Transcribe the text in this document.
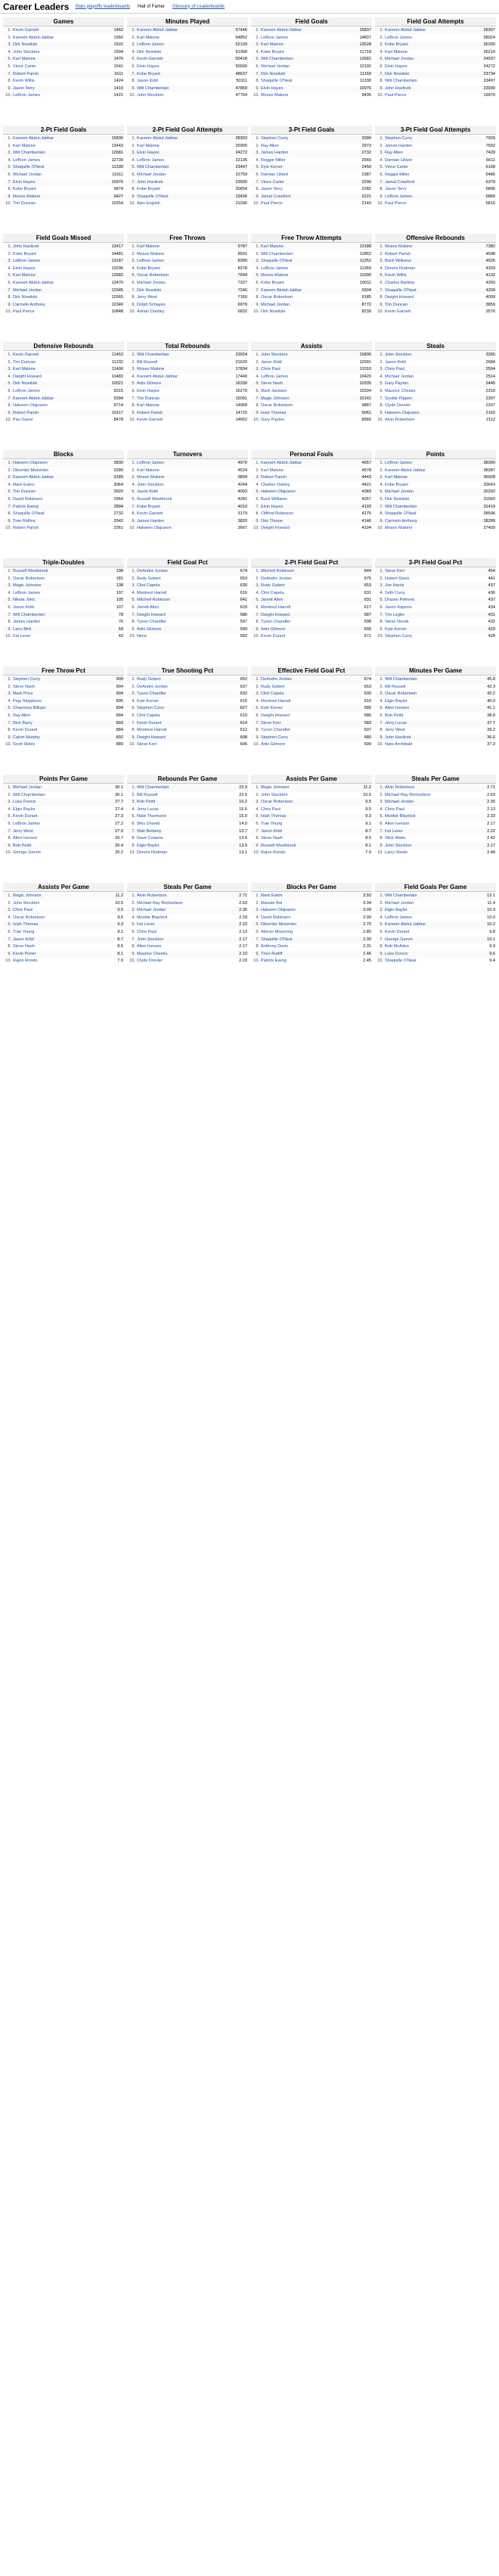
Career Leaders Stats playoffs leaderboards Hall of Famer Glossary of Leaderboards
Games
1.	Kevin Garnett	1462
2.	Kareem Abdul-Jabbar	1560
3.	Dirk Nowitzki	1522
4.	John Stockton	1504
5.	Karl Malone	1476
6.	Vince Carter	1541
7.	Robert Parish	1611
8.	Kevin Willis	1424
9.	Jason Terry	1410
10.	LeBron James	1421
Minutes Played
1.	Kareem Abdul-Jabbar	57446
2.	Karl Malone	54852
3.	LeBron James	52139
4.	Dirk Nowitzki	51368
5.	Kevin Garnett	50418
6.	Elvin Hayes	50000
7.	Kobe Bryant	48637
8.	Jason Kidd	50111
9.	Wilt Chamberlain	47859
10.	John Stockton	47764
Field Goals
1.	Kareem Abdul-Jabbar	15837
2.	LeBron James	14837
3.	Karl Malone	13528
4.	Kobe Bryant	11719
5.	Wilt Chamberlain	12681
6.	Michael Jordan	12192
7.	Dirk Nowitzki	11169
8.	Shaquille O'Neal	11330
9.	Elvin Hayes	10976
10.	Moses Malone	9435
Field Goal Attempts
1.	Kareem Abdul-Jabbar	28307
2.	LeBron James	28024
3.	Kobe Bryant	26200
4.	Karl Malone	26210
5.	Michael Jordan	24537
6.	Elvin Hayes	24272
7.	Dirk Nowitzki	23734
8.	Wilt Chamberlain	23497
9.	John Havlicek	23930
10.	Paul Pierce	19975
2-Pt Field Goals
1.	Kareem Abdul-Jabbar	15836
2.	Karl Malone	13443
3.	Wilt Chamberlain	12681
4.	LeBron James	12739
5.	Shaquille O'Neal	11330
6.	Michael Jordan	11611
7.	Elvin Hayes	10976
8.	Kobe Bryant	9874
9.	Moses Malone	9427
10.	Tim Duncan	10254
2-Pt Field Goal Attempts
1.	Kareem Abdul-Jabbar	28303
2.	Karl Malone	25900
3.	Elvin Hayes	24272
4.	LeBron James	22135
5.	Wilt Chamberlain	23497
6.	Michael Jordan	22759
7.	John Havlicek	23930
8.	Kobe Bryant	20654
9.	Shaquille O'Neal	19436
10.	Alex English	21036
3-Pt Field Goals
1.	Stephen Curry	3390
2.	Ray Allen	2973
3.	James Harden	2732
4.	Reggie Miller	2560
5.	Kyle Korver	2450
6.	Damian Lillard	2387
7.	Vince Carter	2290
8.	Jason Terry	2282
9.	Jamal Crawford	2221
10.	Paul Pierce	2143
3-Pt Field Goal Attempts
1.	Stephen Curry	7929
2.	James Harden	7592
3.	Ray Allen	7429
4.	Damian Lillard	6611
5.	Vince Carter	6168
6.	Reggie Miller	6486
7.	Jamal Crawford	6379
8.	Jason Terry	5896
9.	LeBron James	5889
10.	Paul Pierce	5816
Field Goals Missed
1.	John Havlicek	13417
2.	Kobe Bryant	14481
3.	LeBron James	13187
4.	Elvin Hayes	13296
5.	Karl Malone	12682
6.	Kareem Abdul-Jabbar	12470
7.	Michael Jordan	12345
8.	Dirk Nowitzki	12565
9.	Carmelo Anthony	12340
10.	Paul Pierce	10848
Free Throws
1.	Karl Malone	9787
2.	Moses Malone	8531
3.	LeBron James	8390
4.	Kobe Bryant	8378
5.	Oscar Robertson	7694
6.	Michael Jordan	7327
7.	Dirk Nowitzki	7240
8.	Jerry West	7160
9.	Dolph Schayes	6979
10.	Adrian Dantley	6832
Free Throw Attempts
1.	Karl Malone	13188
2.	Wilt Chamberlain	11862
3.	Shaquille O'Neal	11252
4.	LeBron James	11369
5.	Moses Malone	11090
6.	Kobe Bryant	10011
7.	Kareem Abdul-Jabbar	9304
8.	Oscar Robertson	9185
9.	Michael Jordan	8772
10.	Dirk Nowitzki	8239
Offensive Rebounds
1.	Moses Malone	7382
2.	Robert Parish	4598
3.	Buck Williams	4526
4.	Dennis Rodman	4329
5.	Kevin Willis	4132
6.	Charles Barkley	4260
7.	Shaquille O'Neal	4209
8.	Dwight Howard	4099
9.	Tim Duncan	3859
10.	Kevin Garnett	3576
Defensive Rebounds
1.	Kevin Garnett	11453
2.	Tim Duncan	11232
3.	Karl Malone	11406
4.	Dwight Howard	10483
5.	Dirk Nowitzki	10021
6.	LeBron James	9315
7.	Kareem Abdul-Jabbar	9394
8.	Hakeem Olajuwon	9714
9.	Robert Parish	10117
10.	Pau Gasol	8478
Total Rebounds
1.	Wilt Chamberlain	23924
2.	Bill Russell	21620
3.	Moses Malone	17834
4.	Kareem Abdul-Jabbar	17440
5.	Artis Gilmore	16330
6.	Elvin Hayes	16279
7.	Tim Duncan	15091
8.	Karl Malone	14968
9.	Robert Parish	14715
10.	Kevin Garnett	14662
Assists
1.	John Stockton	15806
2.	Jason Kidd	12091
3.	Chris Paul	11010
4.	LeBron James	10420
5.	Steve Nash	10335
6.	Mark Jackson	10334
7.	Magic Johnson	10141
8.	Oscar Robertson	9887
9.	Isiah Thomas	9061
10.	Gary Payton	8966
Steals
1.	John Stockton	3265
2.	Jason Kidd	2684
3.	Chris Paul	2504
4.	Michael Jordan	2514
5.	Gary Payton	2445
6.	Maurice Cheeks	2310
7.	Scottie Pippen	2307
8.	Clyde Drexler	2207
9.	Hakeem Olajuwon	2162
10.	Alvin Robertson	2112
Blocks
1.	Hakeem Olajuwon	3830
2.	Dikembe Mutombo	3289
3.	Kareem Abdul-Jabbar	3189
4.	Mark Eaton	3064
5.	Tim Duncan	3020
6.	David Robinson	2954
7.	Patrick Ewing	2894
8.	Shaquille O'Neal	2732
9.	Tree Rollins	2542
10.	Robert Parish	2361
Turnovers
1.	LeBron James	4970
2.	Karl Malone	4524
3.	Moses Malone	3804
4.	John Stockton	4244
5.	Jason Kidd	4003
6.	Russell Westbrook	4281
7.	Kobe Bryant	4010
8.	Kevin Garnett	3179
9.	James Harden	3820
10.	Hakeem Olajuwon	3667
Personal Fouls
1.	Kareem Abdul-Jabbar	4657
2.	Karl Malone	4578
3.	Robert Parish	4443
4.	Charles Oakley	4421
5.	Hakeem Olajuwon	4383
6.	Buck Williams	4267
7.	Elvin Hayes	4193
8.	Clifford Robinson	4175
9.	Otis Thorpe	4146
10.	Dwight Howard	4104
Points
1.	LeBron James	38390
2.	Kareem Abdul-Jabbar	38387
3.	Karl Malone	36928
4.	Kobe Bryant	33643
5.	Michael Jordan	32292
6.	Dirk Nowitzki	31560
7.	Wilt Chamberlain	31419
8.	Shaquille O'Neal	28596
9.	Carmelo Anthony	28289
10.	Moses Malone	27409
Triple-Doubles
1.	Russell Westbrook	198
2.	Oscar Robertson	181
3.	Magic Johnson	138
4.	LeBron James	107
5.	Nikola Jokic	105
6.	Jason Kidd	107
7.	Wilt Chamberlain	78
8.	James Harden	76
9.	Larry Bird	59
10.	Fat Lever	43
Field Goal Pct
1.	DeAndre Jordan	674
2.	Rudy Gobert	653
3.	Clint Capela	630
4.	Montrezl Harrell	616
5.	Mitchell Robinson	641
6.	Jarrett Allen	629
7.	Dwight Howard	586
8.	Tyson Chandler	597
9.	Artis Gilmore	599
10.	Nene	582
2-Pt Field Goal Pct
1.	Mitchell Robinson	644
2.	DeAndre Jordan	675
3.	Rudy Gobert	653
4.	Clint Capela	631
5.	Jarrett Allen	631
6.	Montrezl Harrell	617
7.	Dwight Howard	587
8.	Tyson Chandler	598
9.	Artis Gilmore	599
10.	Kevin Durant	571
3-Pt Field Goal Pct
1.	Steve Kerr	454
2.	Hubert Davis	441
3.	Joe Harris	437
4.	Seth Curry	436
5.	Drazen Petrovic	437
6.	Jason Kapono	434
7.	Tim Legler	431
8.	Steve Novak	432
9.	Kyle Korver	429
10.	Stephen Curry	428
Free Throw Pct
1.	Stephen Curry	909
2.	Steve Nash	904
3.	Mark Price	904
4.	Peja Stojakovic	895
5.	Chauncey Billups	894
6.	Ray Allen	894
7.	Rick Barry	893
8.	Kevin Durant	884
9.	Calvin Murphy	892
10.	Scott Skiles	889
True Shooting Pct
1.	Rudy Gobert	652
2.	DeAndre Jordan	637
3.	Tyson Chandler	632
4.	Kyle Korver	615
5.	Stephen Curry	627
6.	Clint Capela	619
7.	Kevin Durant	614
8.	Montrezl Harrell	612
9.	Dwight Howard	608
10.	Steve Kerr	606
Effective Field Goal Pct
1.	DeAndre Jordan	674
2.	Rudy Gobert	653
3.	Clint Capela	630
4.	Montrezl Harrell	616
5.	Kyle Korver	589
6.	Dwight Howard	586
7.	Steve Kerr	583
8.	Tyson Chandler	597
9.	Stephen Curry	580
10.	Artis Gilmore	599
Minutes Per Game
1.	Wilt Chamberlain	45.8
2.	Bill Russell	42.3
3.	Oscar Robertson	42.2
4.	Elgin Baylor	40.0
5.	Allen Iverson	41.1
6.	Bob Pettit	38.8
7.	Jerry Lucas	37.7
8.	Jerry West	39.2
9.	John Havlicek	36.6
10.	Nate Archibald	37.3
Points Per Game
1.	Michael Jordan	30.1
2.	Wilt Chamberlain	30.1
3.	Luka Doncic	27.7
4.	Elgin Baylor	27.4
5.	Kevin Durant	27.3
6.	LeBron James	27.2
7.	Jerry West	27.0
8.	Allen Iverson	26.7
9.	Bob Pettit	26.4
10.	George Gervin	26.2
Rebounds Per Game
1.	Wilt Chamberlain	22.9
2.	Bill Russell	22.5
3.	Bob Pettit	16.2
4.	Jerry Lucas	15.6
5.	Nate Thurmond	15.0
6.	Wes Unseld	14.0
7.	Walt Bellamy	13.7
8.	Dave Cowens	13.6
9.	Elgin Baylor	13.5
10.	Dennis Rodman	13.1
Assists Per Game
1.	Magic Johnson	11.2
2.	John Stockton	10.5
3.	Oscar Robertson	9.5
4.	Chris Paul	9.5
5.	Isiah Thomas	9.3
6.	Trae Young	9.1
7.	Jason Kidd	8.7
8.	Steve Nash	8.5
9.	Russell Westbrook	8.1
10.	Rajon Rondo	7.9
Steals Per Game
1.	Alvin Robertson	2.71
2.	Michael Ray Richardson	2.63
3.	Michael Jordan	2.35
4.	Chris Paul	2.13
5.	Mookie Blaylock	2.33
6.	Allen Iverson	2.17
7.	Fat Lever	2.22
8.	Slick Watts	2.42
9.	John Stockton	2.17
10.	Larry Steele	2.48
Assists Per Game
1.	Magic Johnson	11.2
2.	John Stockton	10.5
3.	Chris Paul	9.5
4.	Oscar Robertson	9.5
5.	Isiah Thomas	9.3
6.	Trae Young	9.1
7.	Jason Kidd	8.7
8.	Steve Nash	8.5
9.	Kevin Porter	8.1
10.	Rajon Rondo	7.9
Steals Per Game
1.	Alvin Robertson	2.71
2.	Michael Ray Richardson	2.63
3.	Michael Jordan	2.35
4.	Mookie Blaylock	2.33
5.	Fat Lever	2.22
6.	Chris Paul	2.13
7.	John Stockton	2.17
8.	Allen Iverson	2.17
9.	Maurice Cheeks	2.10
10.	Clyde Drexler	2.03
Blocks Per Game
1.	Mark Eaton	3.50
2.	Manute Bol	3.34
3.	Hakeem Olajuwon	3.09
4.	David Robinson	2.99
5.	Dikembe Mutombo	2.75
6.	Alonzo Mourning	2.80
7.	Shaquille O'Neal	2.30
8.	Anthony Davis	2.31
9.	Theo Ratliff	2.46
10.	Patrick Ewing	2.45
Field Goals Per Game
1.	Wilt Chamberlain	12.1
2.	Michael Jordan	11.4
3.	Elgin Baylor	10.3
4.	LeBron James	10.0
5.	Kareem Abdul-Jabbar	10.2
6.	Kevin Durant	9.8
7.	George Gervin	10.1
8.	Bob McAdoo	9.9
9.	Luka Doncic	9.6
10.	Shaquille O'Neal	9.4
